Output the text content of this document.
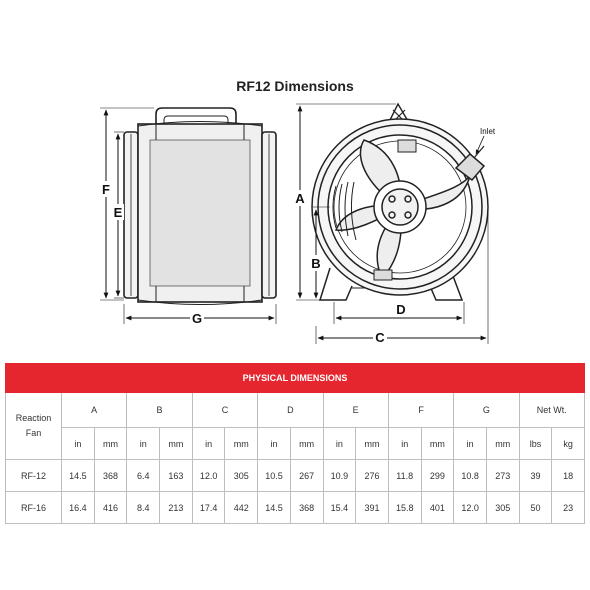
RF12 Dimensions
F
E
G
Inlet
A
B
D
C
PHYSICAL DIMENSIONS																
Reaction
Fan	A		B		C		D		E		F		G		Net Wt.	
	in	mm	in	mm	in	mm	in	mm	in	mm	in	mm	in	mm	lbs	kg
RF-12	14.5	368	6.4	163	12.0	305	10.5	267	10.9	276	11.8	299	10.8	273	39	18
RF-16	16.4	416	8.4	213	17.4	442	14.5	368	15.4	391	15.8	401	12.0	305	50	23
